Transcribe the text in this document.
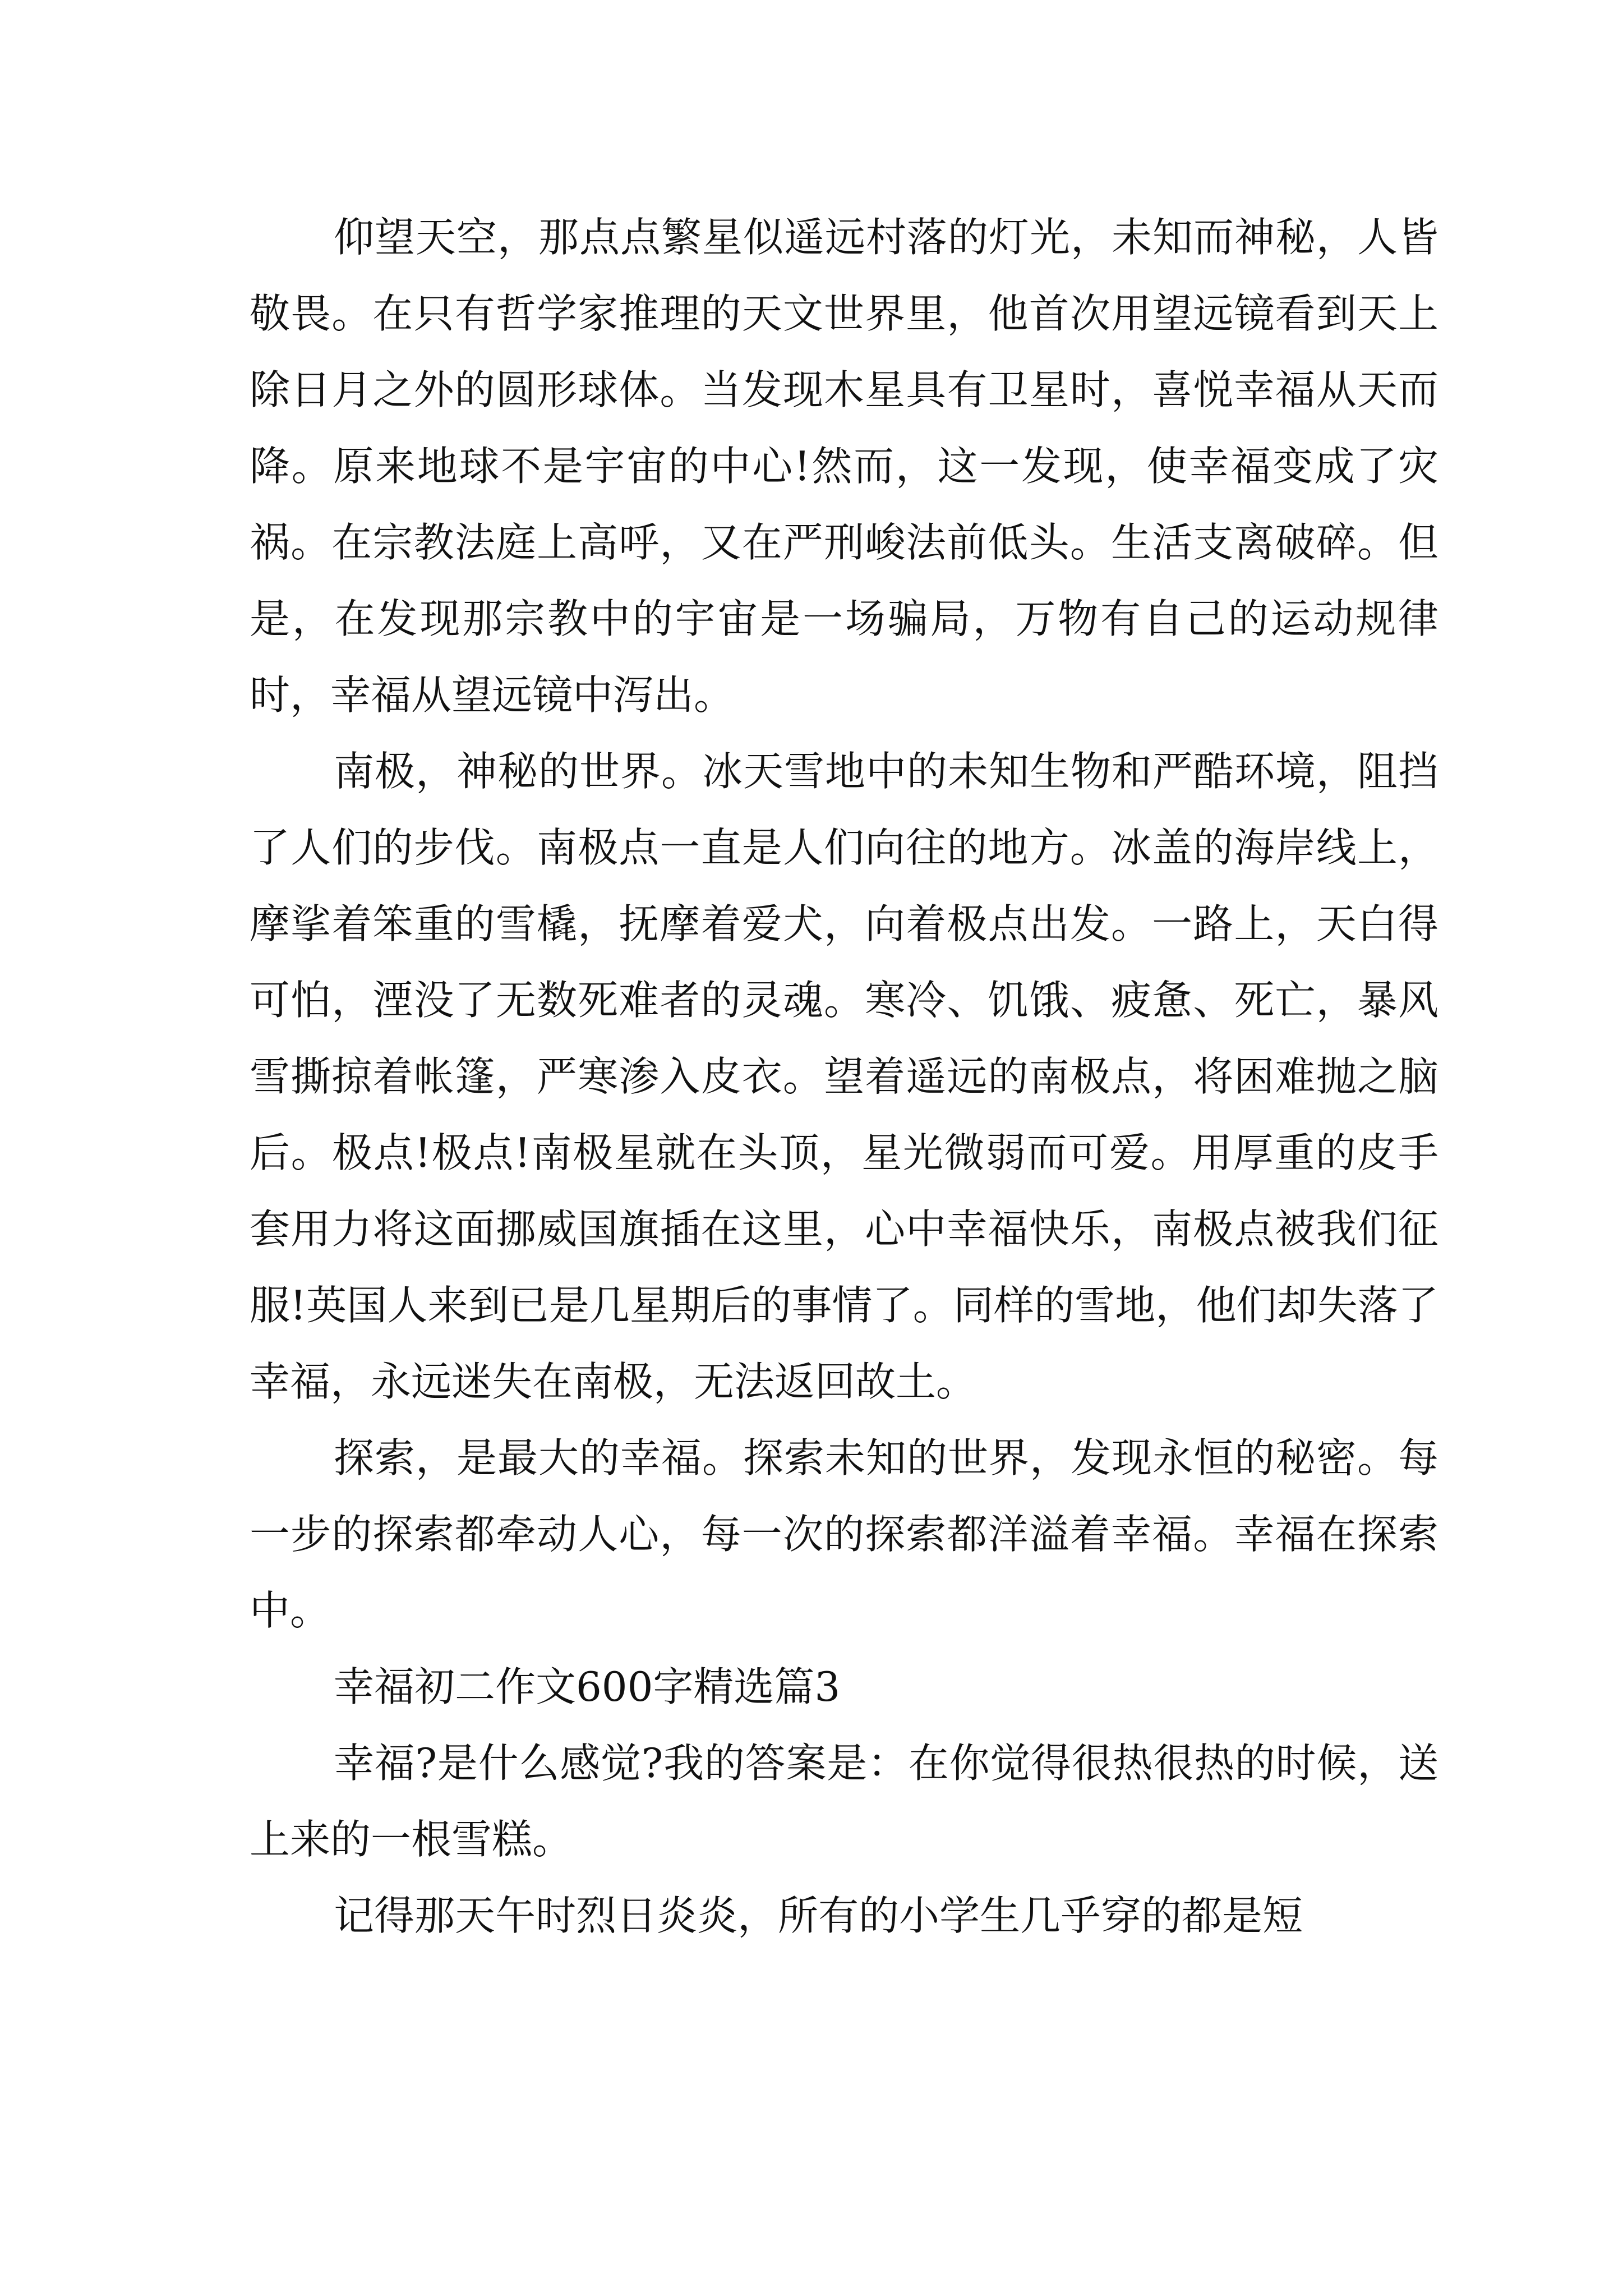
仰望天空，那点点繁星似遥远村落的灯光，未知而神秘，人皆敬畏。在只有哲学家推理的天文世界里，他首次用望远镜看到天上除日月之外的圆形球体。当发现木星具有卫星时，喜悦幸福从天而降。原来地球不是宇宙的中心!然而，这一发现，使幸福变成了灾祸。在宗教法庭上高呼，又在严刑峻法前低头。生活支离破碎。但是，在发现那宗教中的宇宙是一场骗局，万物有自己的运动规律时，幸福从望远镜中泻出。

南极，神秘的世界。冰天雪地中的未知生物和严酷环境，阻挡了人们的步伐。南极点一直是人们向往的地方。冰盖的海岸线上，摩挲着笨重的雪橇，抚摩着爱犬，向着极点出发。一路上，天白得可怕，湮没了无数死难者的灵魂。寒冷、饥饿、疲惫、死亡，暴风雪撕掠着帐篷，严寒渗入皮衣。望着遥远的南极点，将困难抛之脑后。极点!极点!南极星就在头顶，星光微弱而可爱。用厚重的皮手套用力将这面挪威国旗插在这里，心中幸福快乐，南极点被我们征服!英国人来到已是几星期后的事情了。同样的雪地，他们却失落了幸福，永远迷失在南极，无法返回故土。

探索，是最大的幸福。探索未知的世界，发现永恒的秘密。每一步的探索都牵动人心，每一次的探索都洋溢着幸福。幸福在探索中。

幸福初二作文600字精选篇3

幸福?是什么感觉?我的答案是：在你觉得很热很热的时候，送上来的一根雪糕。

记得那天午时烈日炎炎，所有的小学生几乎穿的都是短
